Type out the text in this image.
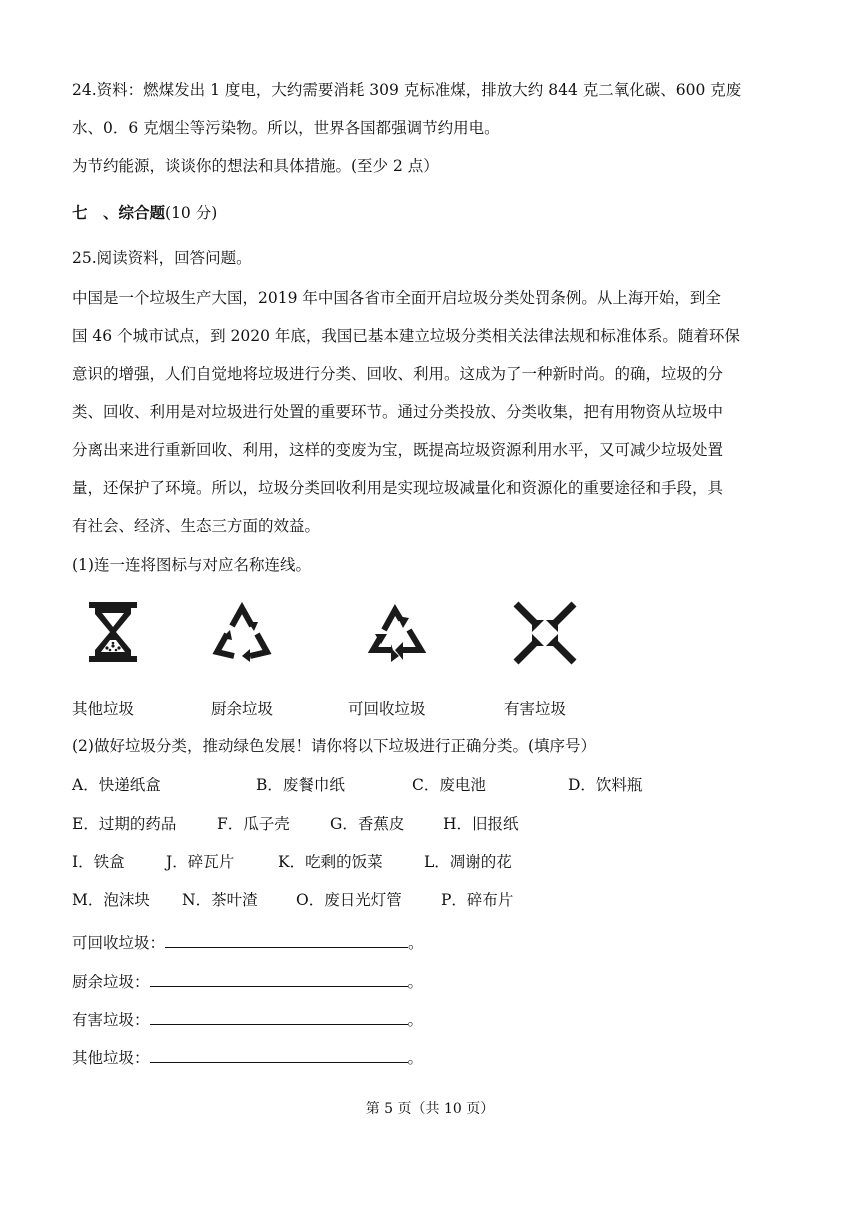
24.资料：燃煤发出 1 度电，大约需要消耗 309 克标准煤，排放大约 844 克二氧化碳、600 克废
水、0．6 克烟尘等污染物。所以，世界各国都强调节约用电。
为节约能源，谈谈你的想法和具体措施。(至少 2 点）
七　、综合题(10 分)
25.阅读资料，回答问题。
中国是一个垃圾生产大国，2019 年中国各省市全面开启垃圾分类处罚条例。从上海开始，到全
国 46 个城市试点，到 2020 年底，我国已基本建立垃圾分类相关法律法规和标准体系。随着环保
意识的增强，人们自觉地将垃圾进行分类、回收、利用。这成为了一种新时尚。的确，垃圾的分
类、回收、利用是对垃圾进行处置的重要环节。通过分类投放、分类收集，把有用物资从垃圾中
分离出来进行重新回收、利用，这样的变废为宝，既提高垃圾资源利用水平，又可减少垃圾处置
量，还保护了环境。所以，垃圾分类回收利用是实现垃圾减量化和资源化的重要途径和手段，具
有社会、经济、生态三方面的效益。
(1)连一连将图标与对应名称连线。
其他垃圾	厨余垃圾	可回收垃圾	有害垃圾
(2)做好垃圾分类，推动绿色发展！请你将以下垃圾进行正确分类。(填序号）
A．快递纸盒	B．废餐巾纸	C．废电池	D．饮料瓶
E．过期的药品	F．瓜子壳	G．香蕉皮 H．旧报纸
I．铁盒	J．碎瓦片	K．吃剩的饭菜	L．凋谢的花
M．泡沫块 N．茶叶渣 O．废日光灯管	P．碎布片
可回收垃圾：	。
厨余垃圾：	。
有害垃圾：	。
其他垃圾：	。
第 5 页（共 10 页）
